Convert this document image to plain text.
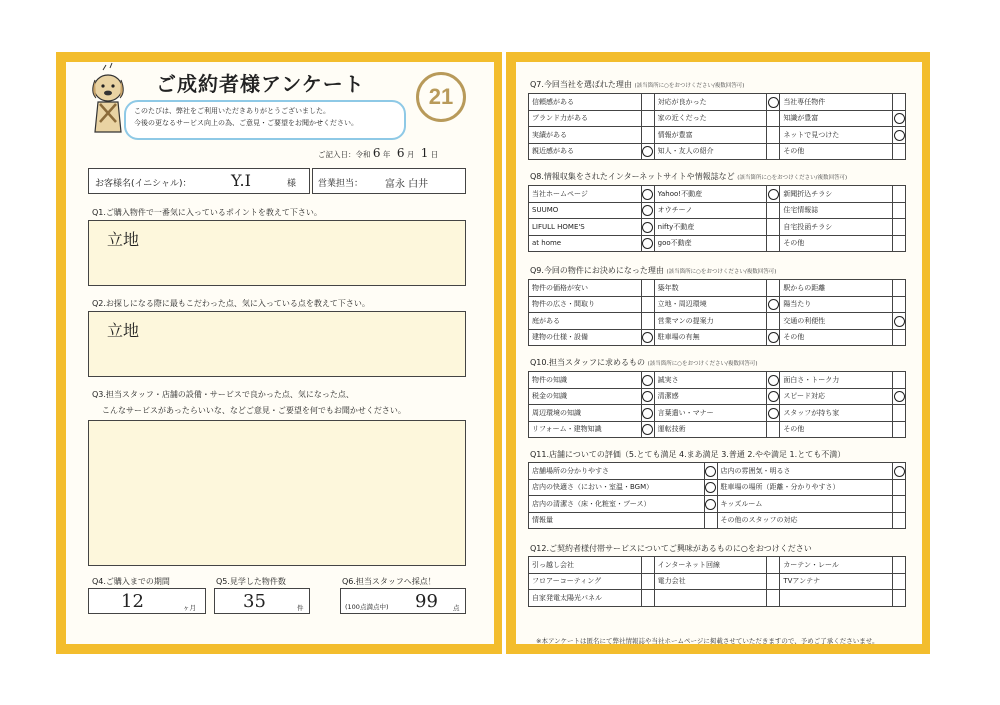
ご成約者様アンケート
このたびは、弊社をご利用いただきありがとうございました。
今後の更なるサービス向上の為、ご意見・ご要望をお聞かせください。
21
ご記入日：令和 6 年 6 月 1 日
お客様名(イニシャル)： Y.I	様 営業担当： 富永 白井
Q1.ご購入物件で一番気に入っているポイントを教えて下さい。
立地
Q2.お探しになる際に最もこだわった点、気に入っている点を教えて下さい。
立地
Q3.担当スタッフ・店舗の設備・サービスで良かった点、気になった点、
こんなサービスがあったらいいな、などご意見・ご要望を何でもお聞かせください。
Q4.ご購入までの期間
12	ヶ月
Q5.見学した物件数
35	件
Q6.担当スタッフへ採点！
(100点満点中) 99 点
Q7.今回当社を選ばれた理由 (該当箇所に○をおつけください/複数回答可)
信頼感がある		対応が良かった		当社専任物件	
ブランド力がある		家の近くだった		知識が豊富	
実績がある		情報が豊富		ネットで見つけた	
親近感がある		知人・友人の紹介		その他	
Q8.情報収集をされたインターネットサイトや情報誌など (該当箇所に○をおつけください/複数回答可)
当社ホームページ		Yahoo!不動産		新聞折込チラシ	
SUUMO		オウチーノ		住宅情報誌	
LIFULL HOME'S		nifty不動産		自宅投函チラシ	
at home		goo不動産		その他	
Q9.今回の物件にお決めになった理由 (該当箇所に○をおつけください/複数回答可)
物件の価格が安い		築年数		駅からの距離	
物件の広さ・間取り		立地・周辺環境		陽当たり	
庭がある		営業マンの提案力		交通の利便性	
建物の仕様・設備		駐車場の有無		その他	
Q10.担当スタッフに求めるもの (該当箇所に○をおつけください/複数回答可)
物件の知識		誠実さ		面白さ・トーク力	
税金の知識		清潔感		スピード対応	
周辺環境の知識		言葉遣い・マナー		スタッフが持ち家	
リフォーム・建物知識		運転技術		その他	
Q11.店舗についての評価（5.とても満足 4.まあ満足 3.普通 2.やや満足 1.とても不満）
店舗場所の分かりやすさ		店内の雰囲気・明るさ	
店内の快適さ（におい・室温・BGM）		駐車場の場所（距離・分かりやすさ）	
店内の清潔さ（床・化粧室・ブース）		キッズルーム	
情報量		その他のスタッフの対応	
Q12.ご契約者様付帯サービスについてご興味があるものに○をおつけください
引っ越し会社		インターネット回線		カーテン・レール	
フロアーコーティング		電力会社		TVアンテナ	
自家発電太陽光パネル					
※本アンケートは匿名にて弊社情報誌や当社ホームページに掲載させていただきますので、予めご了承くださいませ。
